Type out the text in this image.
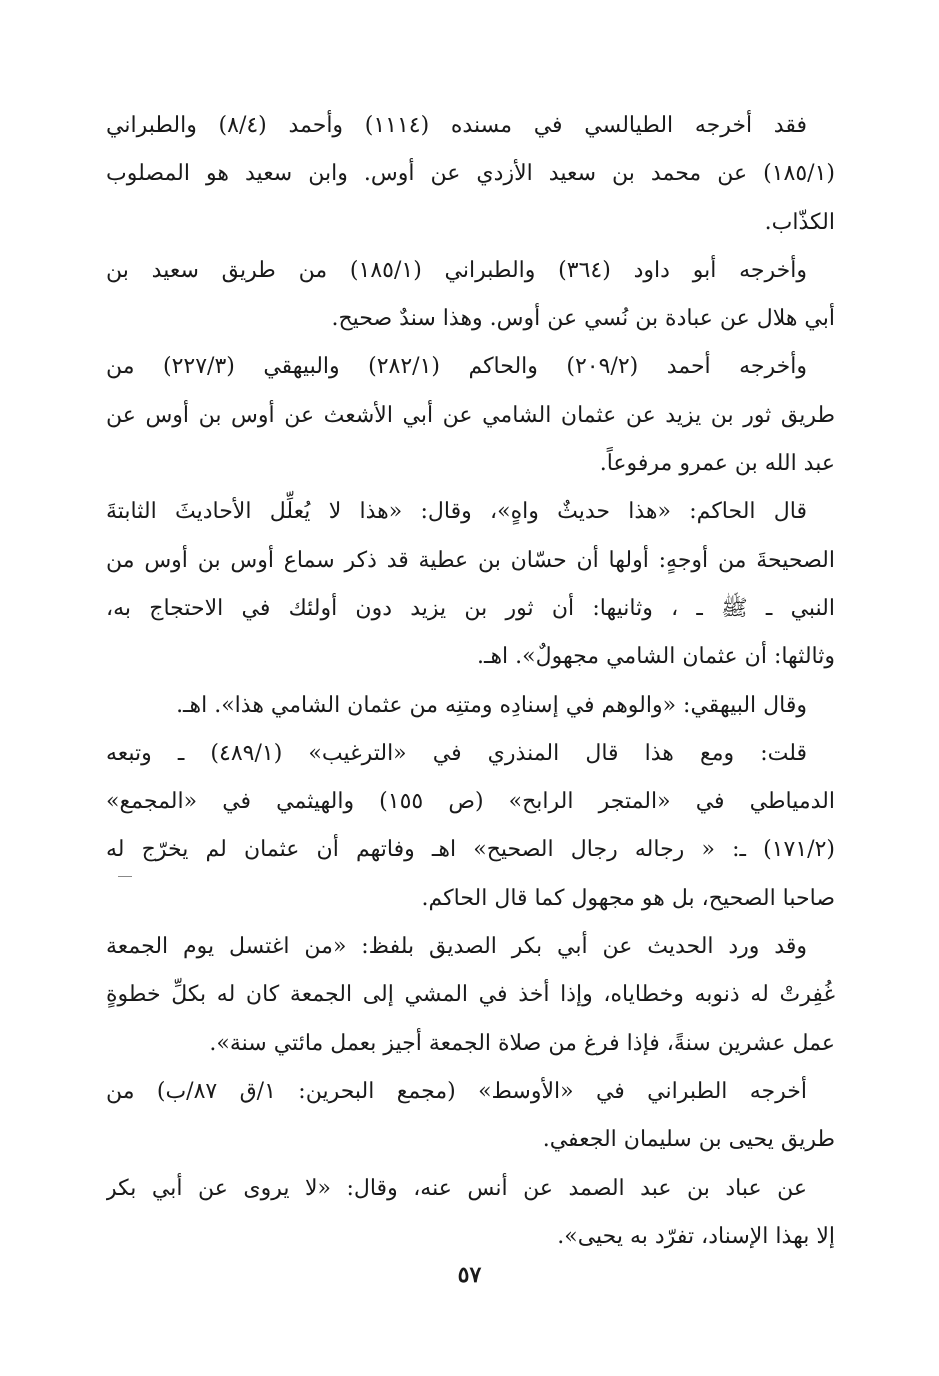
فقد أخرجه الطيالسي في مسنده (١١١٤) وأحمد (٨/٤) والطبراني
(١٨٥/١) عن محمد بن سعيد الأزدي عن أوس. وابن سعيد هو المصلوب
الكذّاب.
وأخرجه أبو داود (٣٦٤) والطبراني (١٨٥/١) من طريق سعيد بن
أبي هلال عن عبادة بن نُسي عن أوس. وهذا سندٌ صحيح.
وأخرجه أحمد (٢٠٩/٢) والحاكم (٢٨٢/١) والبيهقي (٢٢٧/٣) من
طريق ثور بن يزيد عن عثمان الشامي عن أبي الأشعث عن أوس بن أوس عن
عبد الله بن عمرو مرفوعاً.
قال الحاكم: «هذا حديثٌ واهٍ»، وقال: «هذا لا يُعلِّل الأحاديثَ الثابتةَ
الصحيحةَ من أوجهٍ: أولها أن حسّان بن عطية قد ذكر سماع أوس بن أوس من
النبي ـ ﷺ ـ ، وثانيها: أن ثور بن يزيد دون أولئك في الاحتجاج به،
وثالثها: أن عثمان الشامي مجهولٌ». اهـ.
وقال البيهقي: «والوهم في إسنادِه ومتنِه من عثمان الشامي هذا». اهـ.
قلت: ومع هذا قال المنذري في «الترغيب» (٤٨٩/١) ـ وتبعه
الدمياطي في «المتجر الرابح» (ص ١٥٥) والهيثمي في «المجمع»
(١٧١/٢) ـ: « رجاله رجال الصحيح» اهـ وفاتهم أن عثمان لم يخرّج له
صاحبا الصحيح، بل هو مجهول كما قال الحاكم.
وقد ورد الحديث عن أبي بكر الصديق بلفظ: «من اغتسل يوم الجمعة
غُفِرتْ له ذنوبه وخطاياه، وإذا أخذ في المشي إلى الجمعة كان له بكلِّ خطوةٍ
عمل عشرين سنةً، فإذا فرغ من صلاة الجمعة أجيز بعمل مائتي سنة».
أخرجه الطبراني في «الأوسط» (مجمع البحرين: ١/ق ٨٧/ب) من
طريق يحيى بن سليمان الجعفي.
عن عباد بن عبد الصمد عن أنس عنه، وقال: «لا يروى عن أبي بكر
إلا بهذا الإسناد، تفرّد به يحيى».
٥٧
